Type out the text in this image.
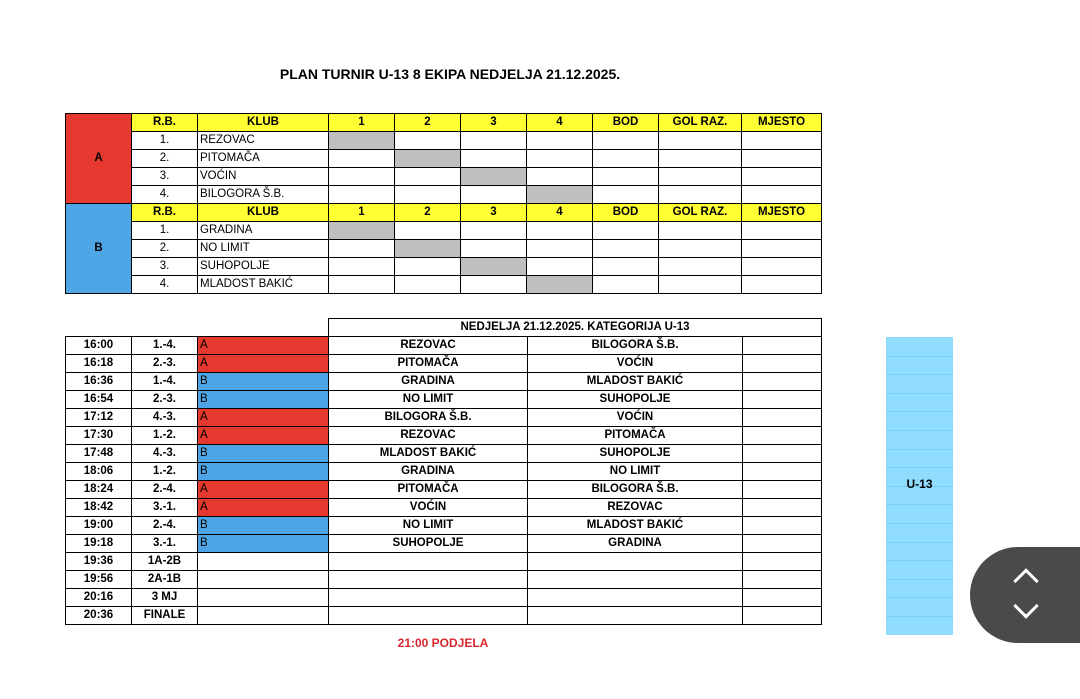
PLAN TURNIR U-13 8 EKIPA NEDJELJA 21.12.2025.
A	R.B.	KLUB	1	2	3	4	BOD	GOL RAZ.	MJESTO
	1.	REZOVAC							
	2.	PITOMAČA							
	3.	VOĆIN							
	4.	BILOGORA Š.B.							
B	R.B.	KLUB	1	2	3	4	BOD	GOL RAZ.	MJESTO
	1.	GRADINA							
	2.	NO LIMIT							
	3.	SUHOPOLJE							
	4.	MLADOST BAKIĆ							
			NEDJELJA 21.12.2025. KATEGORIJA U-13		
16:00	1.-4.	A	REZOVAC	BILOGORA Š.B.	
16:18	2.-3.	A	PITOMAČA	VOĆIN	
16:36	1.-4.	B	GRADINA	MLADOST BAKIĆ	
16:54	2.-3.	B	NO LIMIT	SUHOPOLJE	
17:12	4.-3.	A	BILOGORA Š.B.	VOĆIN	
17:30	1.-2.	A	REZOVAC	PITOMAČA	
17:48	4.-3.	B	MLADOST BAKIĆ	SUHOPOLJE	
18:06	1.-2.	B	GRADINA	NO LIMIT	
18:24	2.-4.	A	PITOMAČA	BILOGORA Š.B.	
18:42	3.-1.	A	VOĆIN	REZOVAC	
19:00	2.-4.	B	NO LIMIT	MLADOST BAKIĆ	
19:18	3.-1.	B	SUHOPOLJE	GRADINA	
19:36	1A-2B				
19:56	2A-1B				
20:16	3 MJ				
20:36	FINALE				
21:00 PODJELA
U-13
